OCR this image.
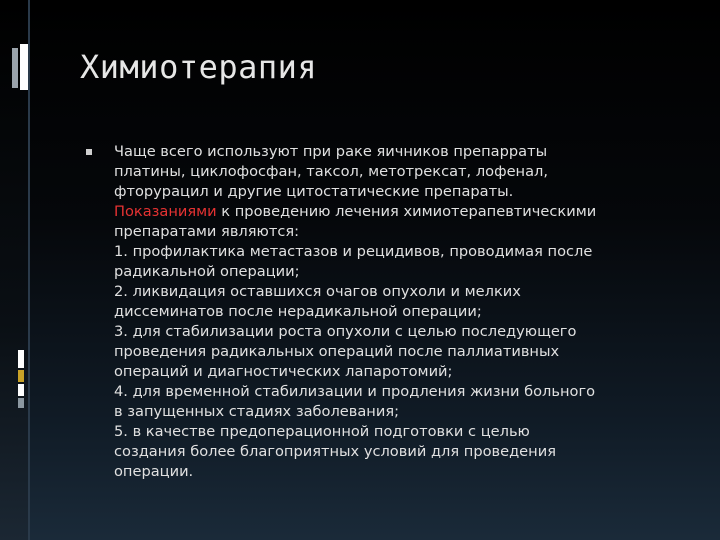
Химиотерапия
Чаще всего используют при раке яичников препарраты
платины, циклофосфан, таксол, метотрексат, лофенал,
фторурацил и другие цитостатические препараты.
Показаниями к проведению лечения химиотерапевтическими
препаратами являются:
1. профилактика метастазов и рецидивов, проводимая после
радикальной операции;
2. ликвидация оставшихся очагов опухоли и мелких
диссеминатов после нерадикальной операции;
3. для стабилизации роста опухоли с целью последующего
проведения радикальных операций после паллиативных
операций и диагностических лапаротомий;
4. для временной стабилизации и продления жизни больного
в запущенных стадиях заболевания;
5. в качестве предоперационной подготовки с целью
создания более благоприятных условий для проведения
операции.
